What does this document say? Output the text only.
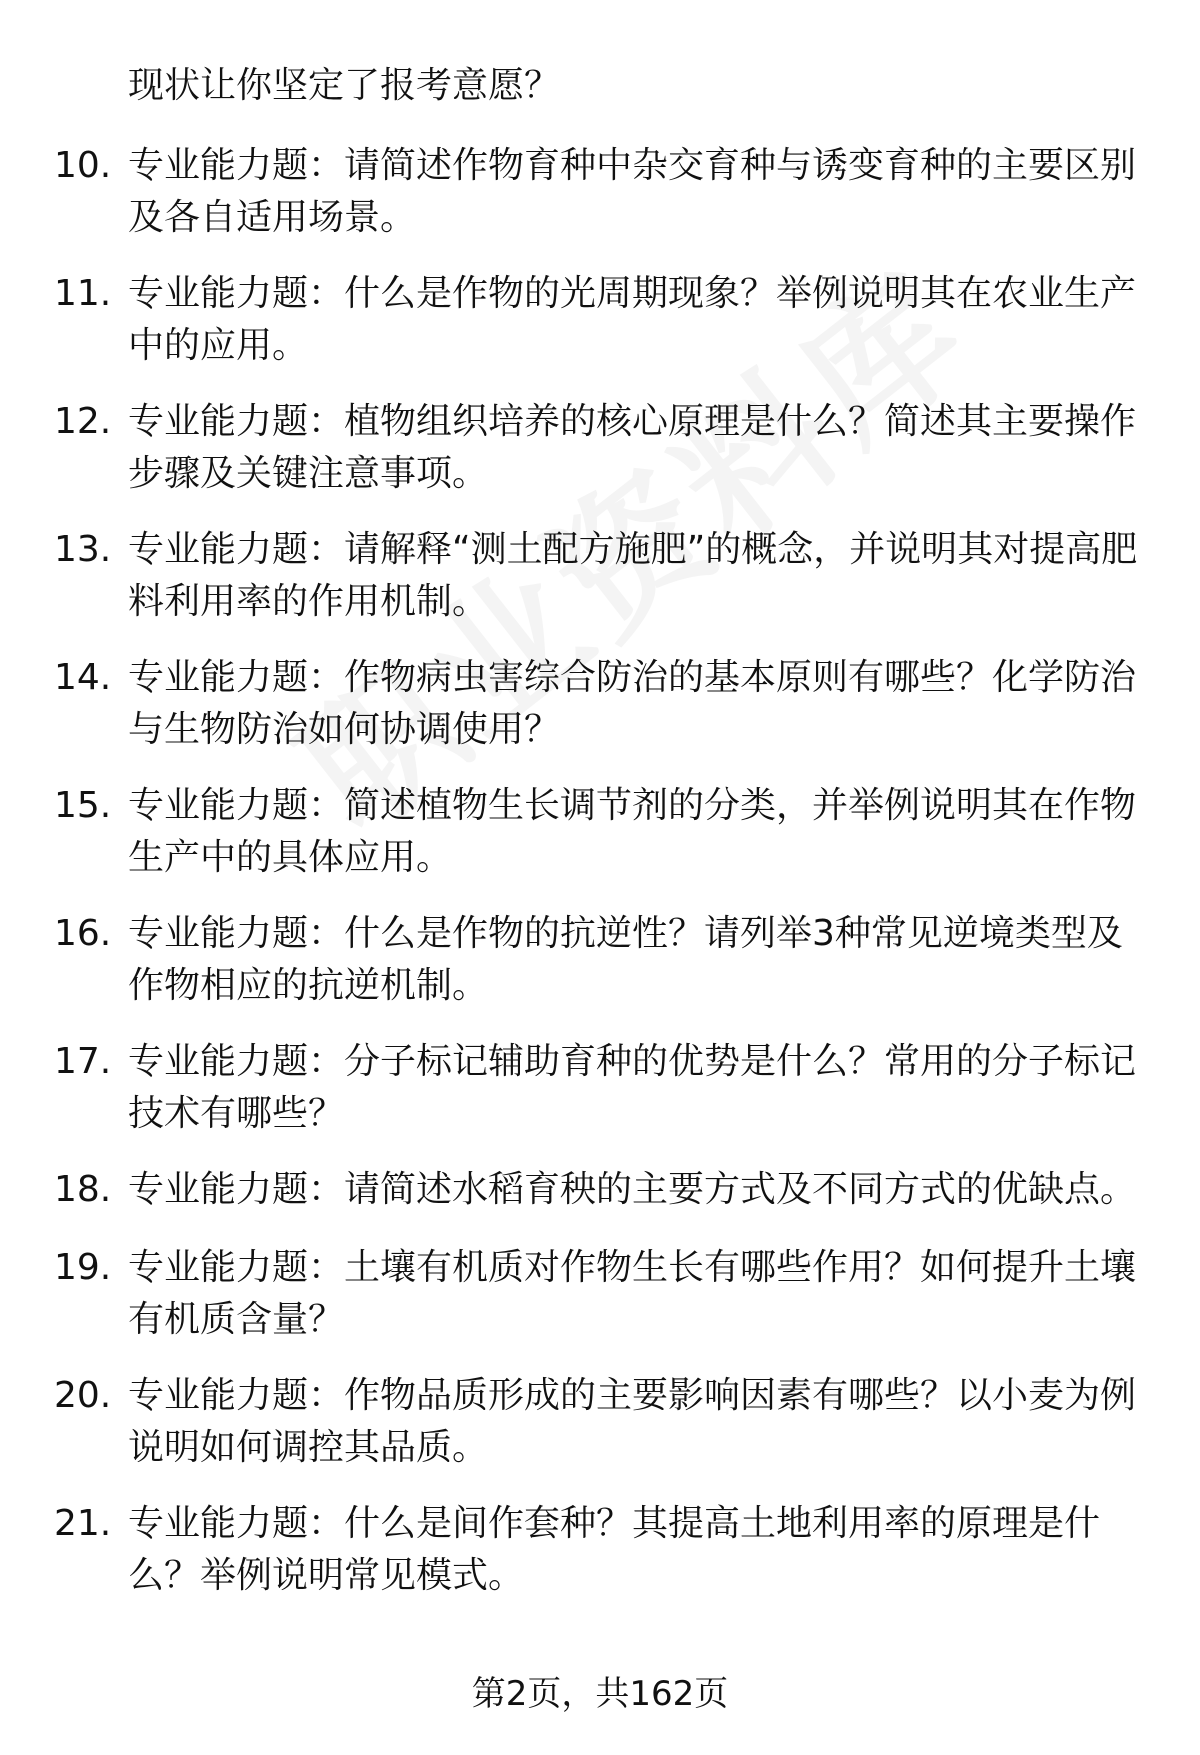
现状让你坚定了报考意愿？

10. 专业能力题：请简述作物育种中杂交育种与诱变育种的主要区别及各自适用场景。

11. 专业能力题：什么是作物的光周期现象？举例说明其在农业生产中的应用。

12. 专业能力题：植物组织培养的核心原理是什么？简述其主要操作步骤及关键注意事项。

13. 专业能力题：请解释“测土配方施肥”的概念，并说明其对提高肥料利用率的作用机制。

14. 专业能力题：作物病虫害综合防治的基本原则有哪些？化学防治与生物防治如何协调使用？

15. 专业能力题：简述植物生长调节剂的分类，并举例说明其在作物生产中的具体应用。

16. 专业能力题：什么是作物的抗逆性？请列举3种常见逆境类型及作物相应的抗逆机制。

17. 专业能力题：分子标记辅助育种的优势是什么？常用的分子标记技术有哪些？

18. 专业能力题：请简述水稻育秧的主要方式及不同方式的优缺点。

19. 专业能力题：土壤有机质对作物生长有哪些作用？如何提升土壤有机质含量？

20. 专业能力题：作物品质形成的主要影响因素有哪些？以小麦为例说明如何调控其品质。

21. 专业能力题：什么是间作套种？其提高土地利用率的原理是什么？举例说明常见模式。

第2页，共162页
